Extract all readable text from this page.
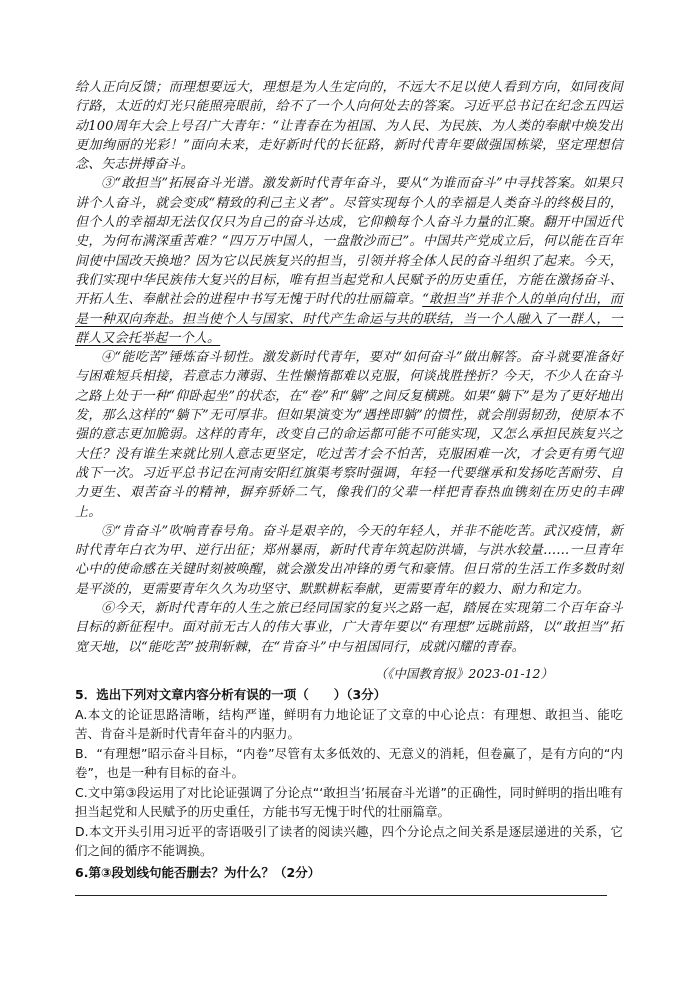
给人正向反馈；而理想要远大，理想是为人生定向的，不远大不足以使人看到方向，如同夜间行路，太近的灯光只能照亮眼前，给不了一个人向何处去的答案。习近平总书记在纪念五四运动100周年大会上号召广大青年：“让青春在为祖国、为人民、为民族、为人类的奉献中焕发出更加绚丽的光彩！”面向未来，走好新时代的长征路，新时代青年要做强国栋梁，坚定理想信念、矢志拼搏奋斗。

③“敢担当”拓展奋斗光谱。激发新时代青年奋斗，要从“为谁而奋斗”中寻找答案。如果只讲个人奋斗，就会变成“精致的利己主义者”。尽管实现每个人的幸福是人类奋斗的终极目的，但个人的幸福却无法仅仅只为自己的奋斗达成，它仰赖每个人奋斗力量的汇聚。翻开中国近代史，为何布满深重苦难？“四万万中国人，一盘散沙而已”。中国共产党成立后，何以能在百年间使中国改天换地？因为它以民族复兴的担当，引领并将全体人民的奋斗组织了起来。今天，我们实现中华民族伟大复兴的目标，唯有担当起党和人民赋予的历史重任，方能在激扬奋斗、开拓人生、奉献社会的进程中书写无愧于时代的壮丽篇章。“敢担当”并非个人的单向付出，而是一种双向奔赴。担当使个人与国家、时代产生命运与共的联结，当一个人融入了一群人，一群人又会托举起一个人。

④“能吃苦”锤炼奋斗韧性。激发新时代青年，要对“如何奋斗”做出解答。奋斗就要准备好与困难短兵相接，若意志力薄弱、生性懒惰都难以克服，何谈战胜挫折？今天，不少人在奋斗之路上处于一种“仰卧起坐”的状态，在“卷”和“躺”之间反复横跳。如果“躺下”是为了更好地出发，那么这样的“躺下”无可厚非。但如果演变为“遇挫即躺”的惯性，就会削弱韧劲，使原本不强的意志更加脆弱。这样的青年，改变自己的命运都可能不可能实现，又怎么承担民族复兴之大任？没有谁生来就比别人意志更坚定，吃过苦才会不怕苦，克服困难一次，才会更有勇气迎战下一次。习近平总书记在河南安阳红旗渠考察时强调，年轻一代要继承和发扬吃苦耐劳、自力更生、艰苦奋斗的精神，摒弃骄娇二气，像我们的父辈一样把青春热血镌刻在历史的丰碑上。

⑤“肯奋斗”吹响青春号角。奋斗是艰辛的，今天的年轻人，并非不能吃苦。武汉疫情，新时代青年白衣为甲、逆行出征；郑州暴雨，新时代青年筑起防洪墙，与洪水较量……一旦青年心中的使命感在关键时刻被唤醒，就会激发出冲锋的勇气和豪情。但日常的生活工作多数时刻是平淡的，更需要青年久久为功坚守、默默耕耘奉献，更需要青年的毅力、耐力和定力。

⑥今天，新时代青年的人生之旅已经同国家的复兴之路一起，踏展在实现第二个百年奋斗目标的新征程中。面对前无古人的伟大事业，广大青年要以“有理想”远眺前路，以“敢担当”拓宽天地，以“能吃苦”披荆斩棘，在“肯奋斗”中与祖国同行，成就闪耀的青春。

（《中国教育报》2023-01-12）

5．选出下列对文章内容分析有误的一项（　　）（3分）

A.本文的论证思路清晰，结构严谨，鲜明有力地论证了文章的中心论点：有理想、敢担当、能吃苦、肯奋斗是新时代青年奋斗的内驱力。

B．“有理想”昭示奋斗目标，“内卷”尽管有太多低效的、无意义的消耗，但卷赢了，是有方向的“内卷”，也是一种有目标的奋斗。

C.文中第③段运用了对比论证强调了分论点“‘敢担当’拓展奋斗光谱”的正确性，同时鲜明的指出唯有担当起党和人民赋予的历史重任，方能书写无愧于时代的壮丽篇章。

D.本文开头引用习近平的寄语吸引了读者的阅读兴趣，四个分论点之间关系是逐层递进的关系，它们之间的循序不能调换。

6.第③段划线句能否删去？为什么？（2分）
